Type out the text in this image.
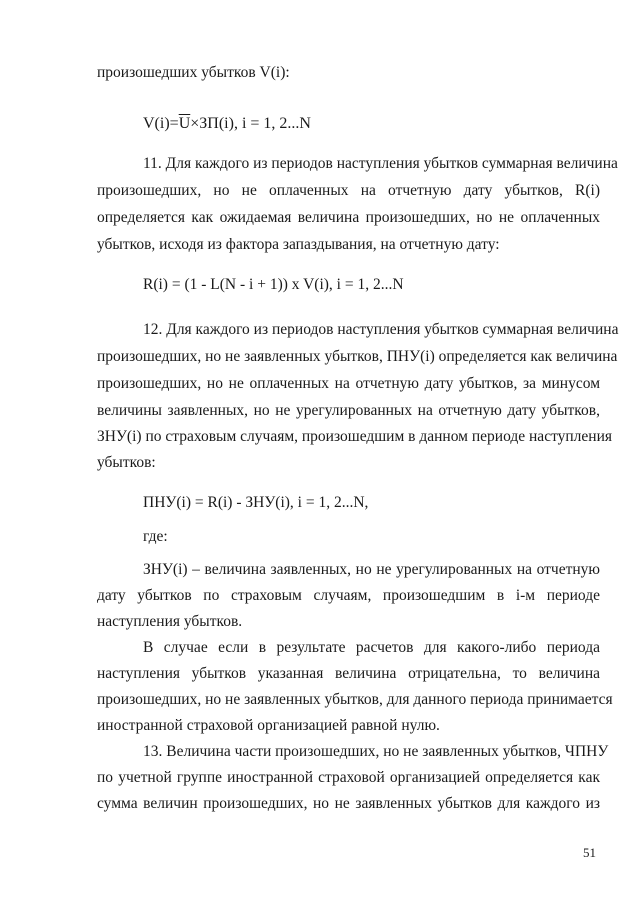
произошедших убытков V(i):
$V(i)=\overline{U}\times ЗП(i)$, i = 1, 2...N
11. Для каждого из периодов наступления убытков суммарная величина
произошедших, но не оплаченных на отчетную дату убытков, R(i)
определяется как ожидаемая величина произошедших, но не оплаченных
убытков, исходя из фактора запаздывания, на отчетную дату:
R(i) = (1 - L(N - i + 1)) x V(i), i = 1, 2...N
12. Для каждого из периодов наступления убытков суммарная величина
произошедших, но не заявленных убытков, ПНУ(i) определяется как величина
произошедших, но не оплаченных на отчетную дату убытков, за минусом
величины заявленных, но не урегулированных на отчетную дату убытков,
ЗНУ(i) по страховым случаям, произошедшим в данном периоде наступления
убытков:
ПНУ(i) = R(i) - ЗНУ(i), i = 1, 2...N,
где:
ЗНУ(i) – величина заявленных, но не урегулированных на отчетную
дату убытков по страховым случаям, произошедшим в i-м периоде
наступления убытков.
В случае если в результате расчетов для какого-либо периода
наступления убытков указанная величина отрицательна, то величина
произошедших, но не заявленных убытков, для данного периода принимается
иностранной страховой организацией равной нулю.
13. Величина части произошедших, но не заявленных убытков, ЧПНУ
по учетной группе иностранной страховой организацией определяется как
сумма величин произошедших, но не заявленных убытков для каждого из
51
